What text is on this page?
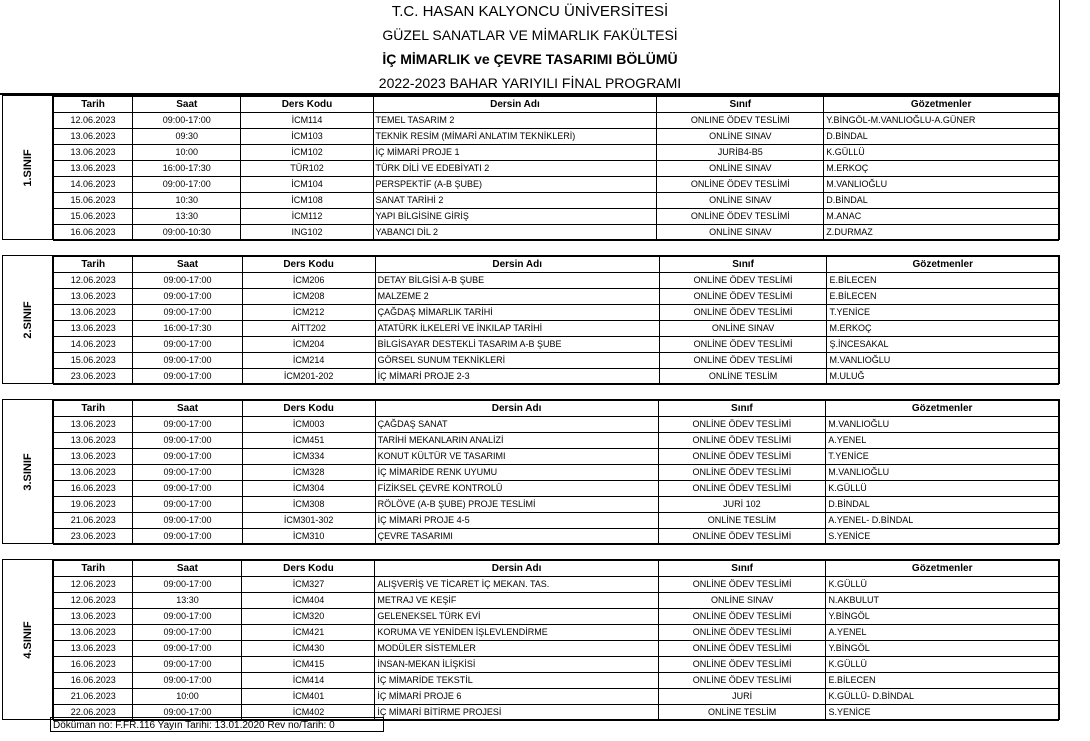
T.C. HASAN KALYONCU ÜNİVERSİTESİ
GÜZEL SANATLAR VE MİMARLIK FAKÜLTESİ
İÇ MİMARLIK ve ÇEVRE TASARIMI BÖLÜMÜ
2022-2023 BAHAR YARIYILI FİNAL PROGRAMI
1.SINIF
Tarih	Saat	Ders Kodu	Dersin Adı	Sınıf	Gözetmenler
12.06.2023	09:00-17:00	İCM114	TEMEL TASARIM 2	ONLINE ÖDEV TESLİMİ	Y.BİNGÖL-M.VANLIOĞLU-A.GÜNER
13.06.2023	09:30	İCM103	TEKNİK RESİM (MİMARİ ANLATIM TEKNİKLERİ)	ONLİNE SINAV	D.BİNDAL
13.06.2023	10:00	İCM102	İÇ MİMARİ PROJE 1	JURİB4-B5	K.GÜLLÜ
13.06.2023	16:00-17:30	TÜR102	TÜRK DİLİ VE EDEBİYATI 2	ONLİNE SINAV	M.ERKOÇ
14.06.2023	09:00-17:00	İCM104	PERSPEKTİF (A-B ŞUBE)	ONLİNE ÖDEV TESLİMİ	M.VANLIOĞLU
15.06.2023	10:30	İCM108	SANAT TARİHİ 2	ONLİNE SINAV	D.BİNDAL
15.06.2023	13:30	İCM112	YAPI BİLGİSİNE GİRİŞ	ONLİNE ÖDEV TESLİMİ	M.ANAC
16.06.2023	09:00-10:30	ING102	YABANCI DİL 2	ONLİNE SINAV	Z.DURMAZ
2.SINIF
Tarih	Saat	Ders Kodu	Dersin Adı	Sınıf	Gözetmenler
12.06.2023	09:00-17:00	İCM206	DETAY BİLGİSİ A-B ŞUBE	ONLİNE ÖDEV TESLİMİ	E.BİLECEN
13.06.2023	09:00-17:00	İCM208	MALZEME 2	ONLİNE ÖDEV TESLİMİ	E.BİLECEN
13.06.2023	09:00-17:00	İCM212	ÇAĞDAŞ MİMARLIK TARİHİ	ONLİNE ÖDEV TESLİMİ	T.YENİCE
13.06.2023	16:00-17:30	AİTT202	ATATÜRK İLKELERİ VE İNKILAP TARİHİ	ONLİNE SINAV	M.ERKOÇ
14.06.2023	09:00-17:00	İCM204	BİLGİSAYAR DESTEKLİ TASARIM A-B ŞUBE	ONLİNE ÖDEV TESLİMİ	Ş.İNCESAKAL
15.06.2023	09:00-17:00	İCM214	GÖRSEL SUNUM TEKNİKLERİ	ONLİNE ÖDEV TESLİMİ	M.VANLIOĞLU
23.06.2023	09:00-17:00	İCM201-202	İÇ MİMARİ PROJE 2-3	ONLİNE TESLİM	M.ULUĞ
3.SINIF
Tarih	Saat	Ders Kodu	Dersin Adı	Sınıf	Gözetmenler
13.06.2023	09:00-17:00	İCM003	ÇAĞDAŞ SANAT	ONLİNE ÖDEV TESLİMİ	M.VANLIOĞLU
13.06.2023	09:00-17:00	İCM451	TARİHİ MEKANLARIN ANALİZİ	ONLİNE ÖDEV TESLİMİ	A.YENEL
13.06.2023	09:00-17:00	İCM334	KONUT KÜLTÜR VE TASARIMI	ONLİNE ÖDEV TESLİMİ	T.YENİCE
13.06.2023	09:00-17:00	İCM328	İÇ MİMARİDE RENK UYUMU	ONLİNE ÖDEV TESLİMİ	M.VANLIOĞLU
16.06.2023	09:00-17:00	İCM304	FİZİKSEL ÇEVRE KONTROLÜ	ONLİNE ÖDEV TESLİMİ	K.GÜLLÜ
19.06.2023	09:00-17:00	İCM308	RÖLÖVE (A-B ŞUBE) PROJE TESLİMİ	JURİ 102	D.BİNDAL
21.06.2023	09:00-17:00	İCM301-302	İÇ MİMARİ PROJE 4-5	ONLİNE TESLİM	A.YENEL- D.BİNDAL
23.06.2023	09:00-17:00	İCM310	ÇEVRE TASARIMI	ONLİNE ÖDEV TESLİMİ	S.YENİCE
4.SINIF
Tarih	Saat	Ders Kodu	Dersin Adı	Sınıf	Gözetmenler
12.06.2023	09:00-17:00	İCM327	ALIŞVERİŞ VE TİCARET İÇ MEKAN. TAS.	ONLİNE ÖDEV TESLİMİ	K.GÜLLÜ
12.06.2023	13:30	İCM404	METRAJ VE KEŞİF	ONLİNE SINAV	N.AKBULUT
13.06.2023	09:00-17:00	İCM320	GELENEKSEL TÜRK EVİ	ONLİNE ÖDEV TESLİMİ	Y.BİNGÖL
13.06.2023	09:00-17:00	İCM421	KORUMA VE YENİDEN İŞLEVLENDİRME	ONLİNE ÖDEV TESLİMİ	A.YENEL
13.06.2023	09:00-17:00	İCM430	MODÜLER SİSTEMLER	ONLİNE ÖDEV TESLİMİ	Y.BİNGÖL
16.06.2023	09:00-17:00	İCM415	İNSAN-MEKAN İLİŞKİSİ	ONLİNE ÖDEV TESLİMİ	K.GÜLLÜ
16.06.2023	09:00-17:00	İCM414	İÇ MİMARİDE TEKSTİL	ONLİNE ÖDEV TESLİMİ	E.BİLECEN
21.06.2023	10:00	İCM401	İÇ MİMARİ PROJE 6	JURİ	K.GÜLLÜ- D.BİNDAL
22.06.2023	09:00-17:00	İCM402	İÇ MİMARİ BİTİRME PROJESİ	ONLİNE TESLİM	S.YENİCE
Döküman no: F.FR.116 Yayın Tarihi: 13.01.2020 Rev no/Tarih: 0
